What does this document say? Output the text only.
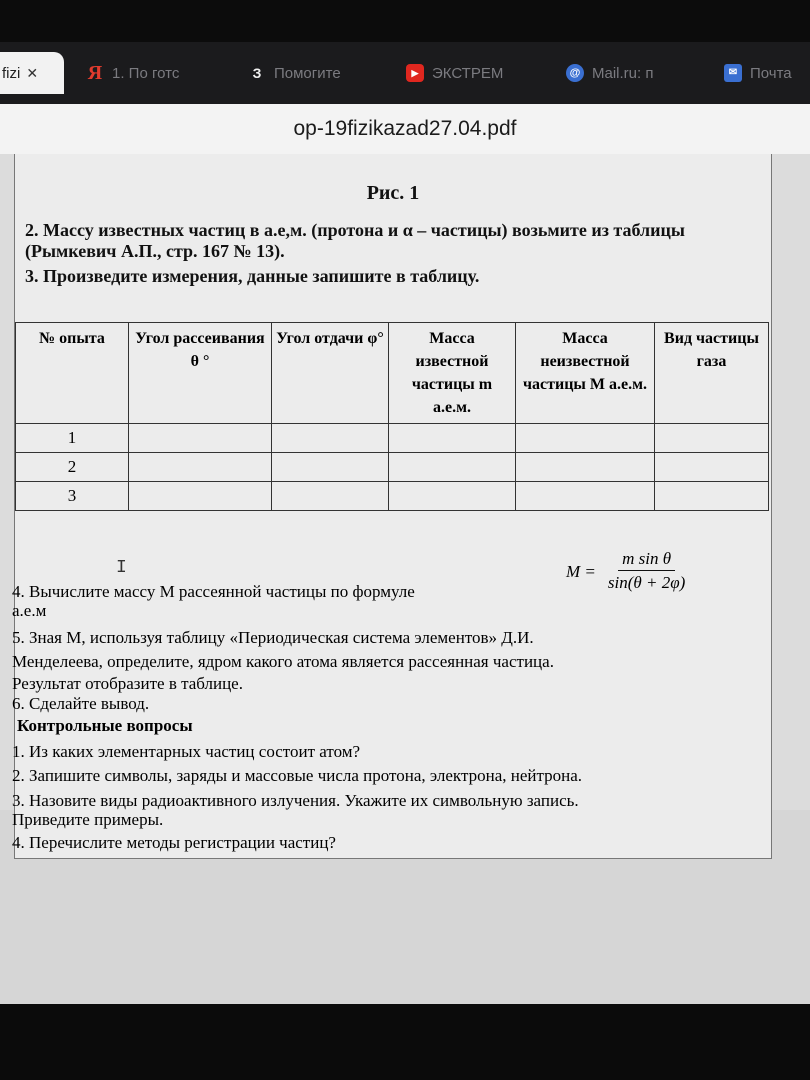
fizi ✕ Я 1. По готс	З Помогите	▶ ЭКСТРЕМ	@ Mail.ru: п	✉ Почта
op-19fizikazad27.04.pdf
Рис. 1
2. Массу известных частиц в а.е,м. (протона и α – частицы) возьмите из таблицы
(Рымкевич А.П., стр. 167 № 13).
3. Произведите измерения, данные запишите в таблицу.
№ опыта	Угол рассеивания θ °	Угол отдачи φ°	Масса известной частицы m а.е.м.	Масса неизвестной частицы М а.е.м.	Вид частицы газа
1					
2					
3					
$M = \frac{\text{m sin θ}}{\sin(\theta + 2\varphi)}$
I
4. Вычислите массу М рассеянной частицы по формуле
а.е.м
5. Зная М, используя таблицу «Периодическая система элементов» Д.И.
Менделеева, определите, ядром какого атома является рассеянная частица.
Результат отобразите в таблице.
6. Сделайте вывод.
Контрольные вопросы
1. Из каких элементарных частиц состоит атом?
2. Запишите символы, заряды и массовые числа протона, электрона, нейтрона.
3. Назовите виды радиоактивного излучения. Укажите их символьную запись.
Приведите примеры.
4. Перечислите методы регистрации частиц?
